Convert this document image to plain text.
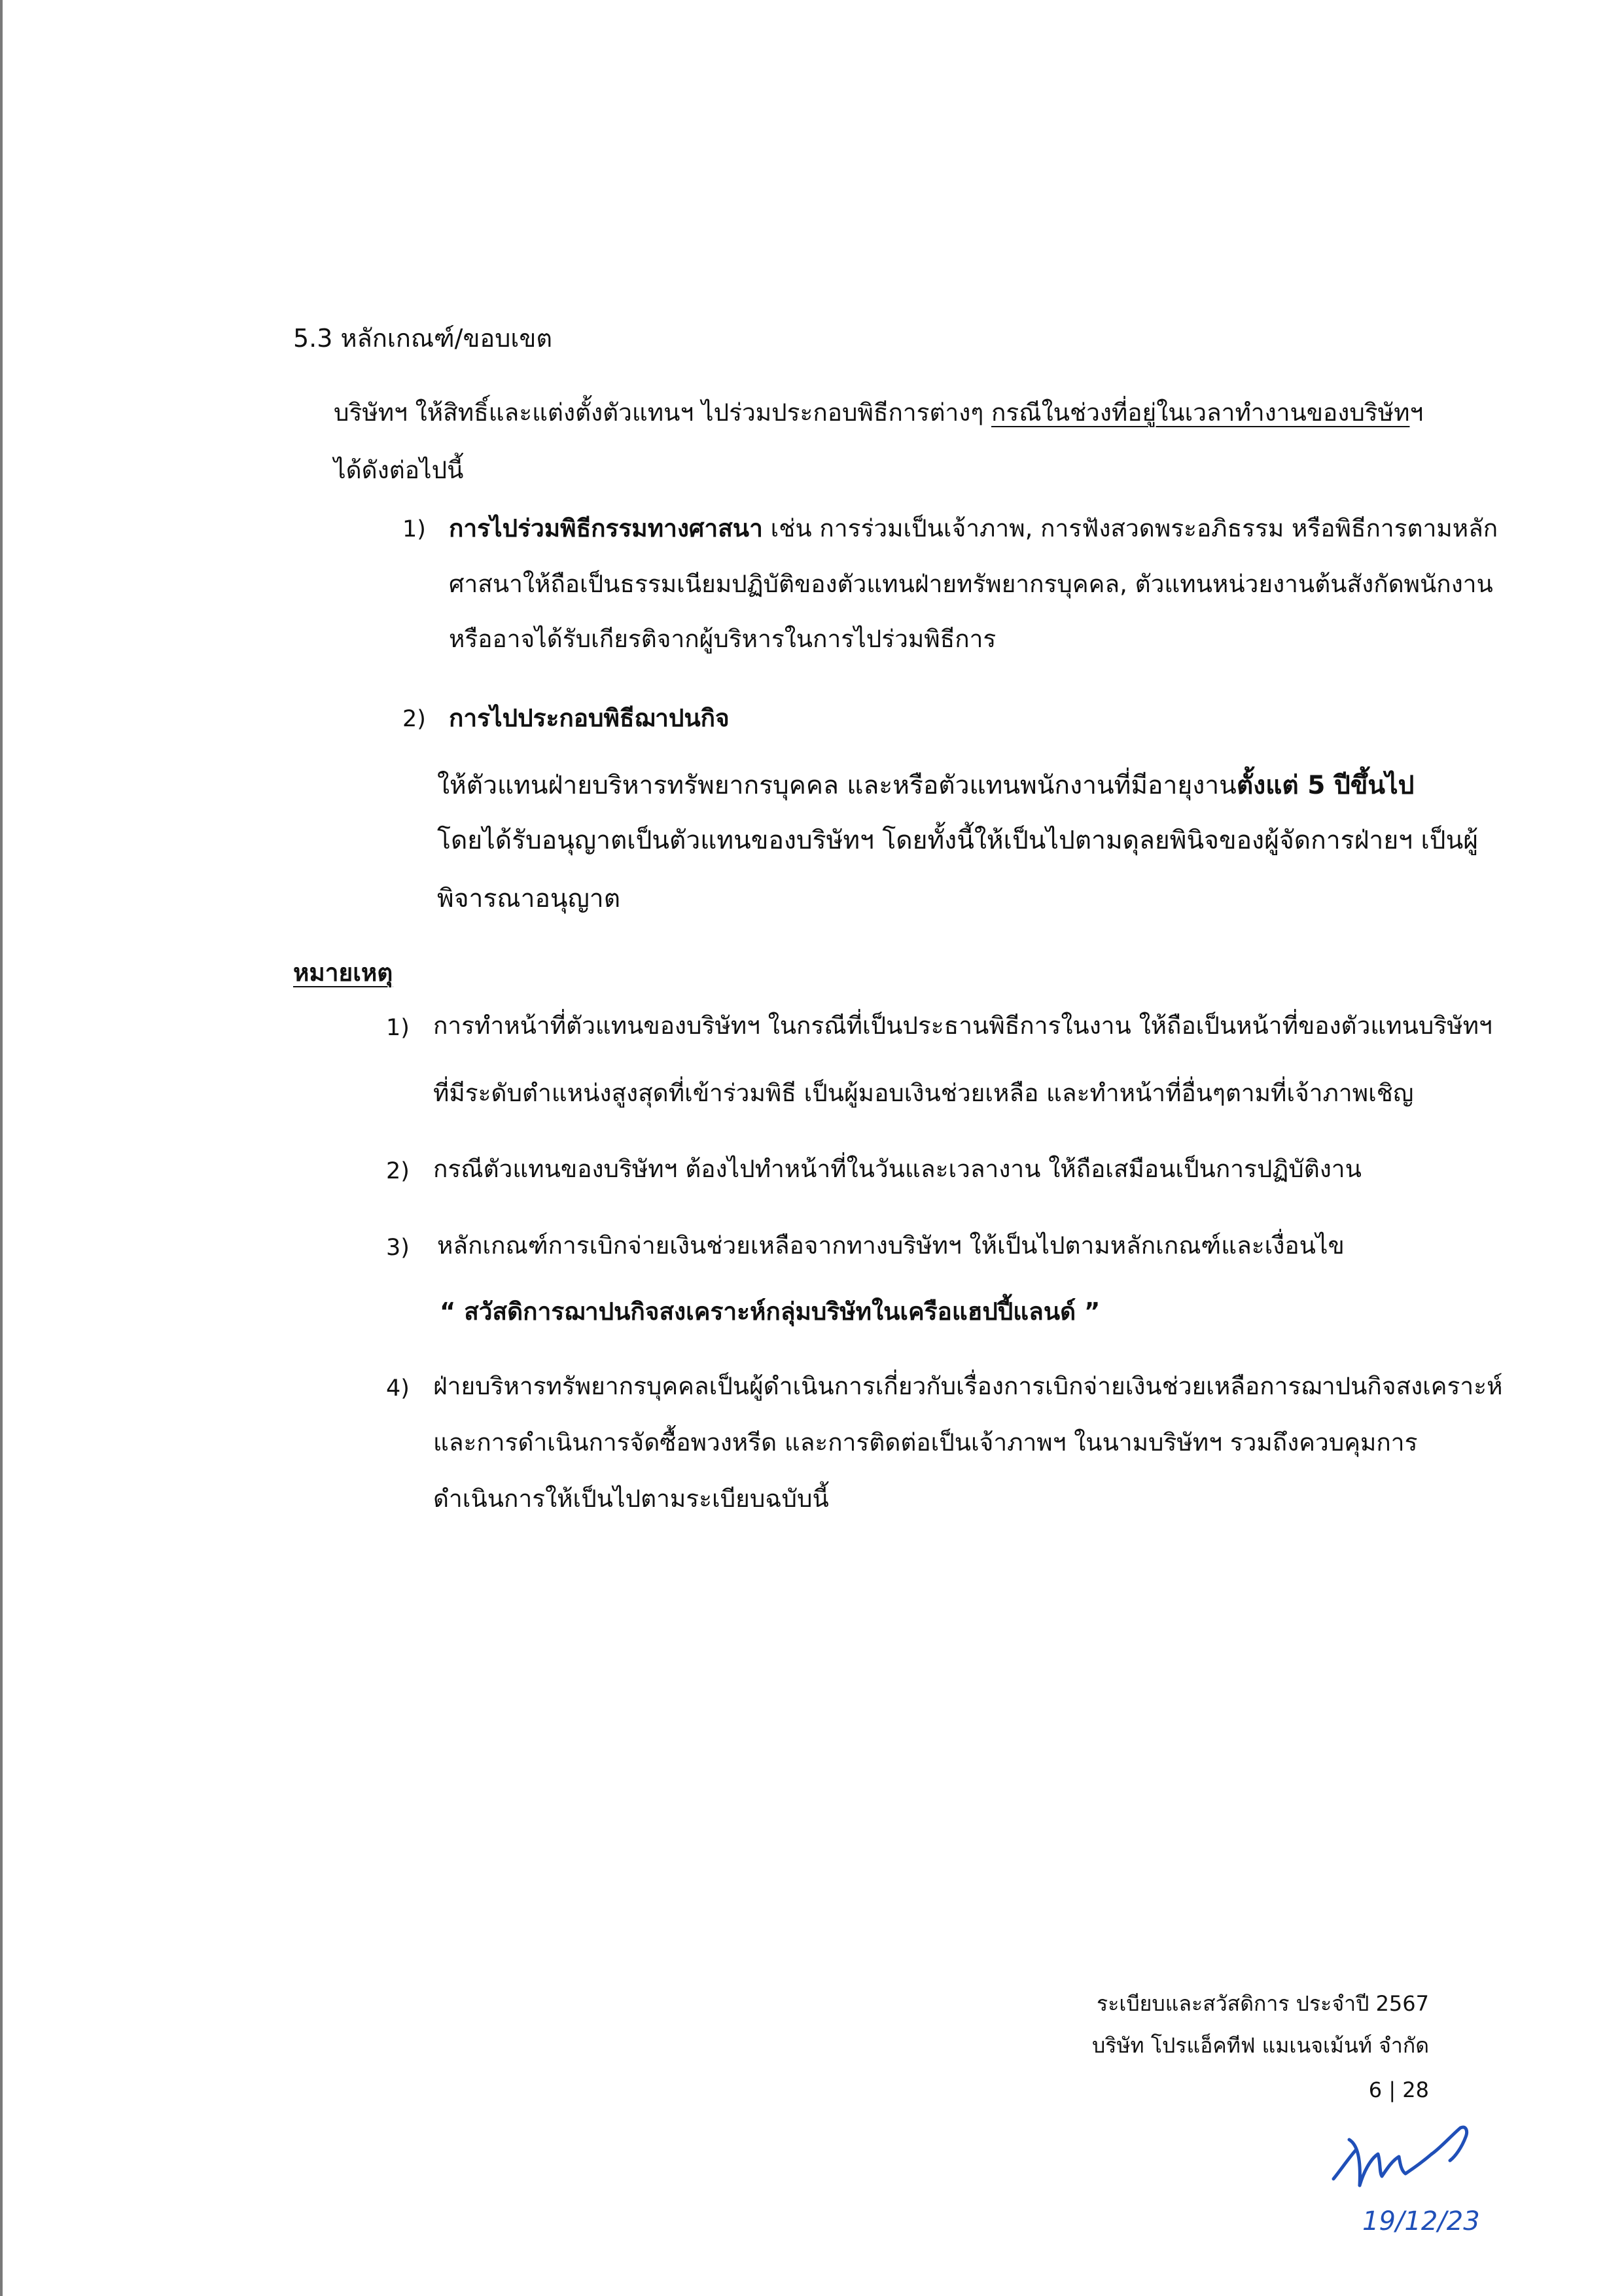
5.3 หลักเกณฑ์/ขอบเขต
บริษัทฯ ให้สิทธิ์และแต่งตั้งตัวแทนฯ ไปร่วมประกอบพิธีการต่างๆ กรณีในช่วงที่อยู่ในเวลาทำงานของบริษัทฯ
ได้ดังต่อไปนี้
1) การไปร่วมพิธีกรรมทางศาสนา เช่น การร่วมเป็นเจ้าภาพ, การฟังสวดพระอภิธรรม หรือพิธีการตามหลัก
ศาสนาให้ถือเป็นธรรมเนียมปฏิบัติของตัวแทนฝ่ายทรัพยากรบุคคล, ตัวแทนหน่วยงานต้นสังกัดพนักงาน
หรืออาจได้รับเกียรติจากผู้บริหารในการไปร่วมพิธีการ
2) การไปประกอบพิธีฌาปนกิจ
ให้ตัวแทนฝ่ายบริหารทรัพยากรบุคคล และหรือตัวแทนพนักงานที่มีอายุงานตั้งแต่ 5 ปีขึ้นไป
โดยได้รับอนุญาตเป็นตัวแทนของบริษัทฯ โดยทั้งนี้ให้เป็นไปตามดุลยพินิจของผู้จัดการฝ่ายฯ เป็นผู้
พิจารณาอนุญาต
หมายเหตุ
1) การทำหน้าที่ตัวแทนของบริษัทฯ ในกรณีที่เป็นประธานพิธีการในงาน ให้ถือเป็นหน้าที่ของตัวแทนบริษัทฯ
ที่มีระดับตำแหน่งสูงสุดที่เข้าร่วมพิธี เป็นผู้มอบเงินช่วยเหลือ และทำหน้าที่อื่นๆตามที่เจ้าภาพเชิญ
2) กรณีตัวแทนของบริษัทฯ ต้องไปทำหน้าที่ในวันและเวลางาน ให้ถือเสมือนเป็นการปฏิบัติงาน
3) หลักเกณฑ์การเบิกจ่ายเงินช่วยเหลือจากทางบริษัทฯ ให้เป็นไปตามหลักเกณฑ์และเงื่อนไข
“ สวัสดิการฌาปนกิจสงเคราะห์กลุ่มบริษัทในเครือแฮปปี้แลนด์ ”
4) ฝ่ายบริหารทรัพยากรบุคคลเป็นผู้ดำเนินการเกี่ยวกับเรื่องการเบิกจ่ายเงินช่วยเหลือการฌาปนกิจสงเคราะห์
และการดำเนินการจัดซื้อพวงหรีด และการติดต่อเป็นเจ้าภาพฯ ในนามบริษัทฯ รวมถึงควบคุมการ
ดำเนินการให้เป็นไปตามระเบียบฉบับนี้
ระเบียบและสวัสดิการ ประจำปี 2567
บริษัท โปรแอ็คทีฟ แมเนจเม้นท์ จำกัด
6 | 28
19/12/23
